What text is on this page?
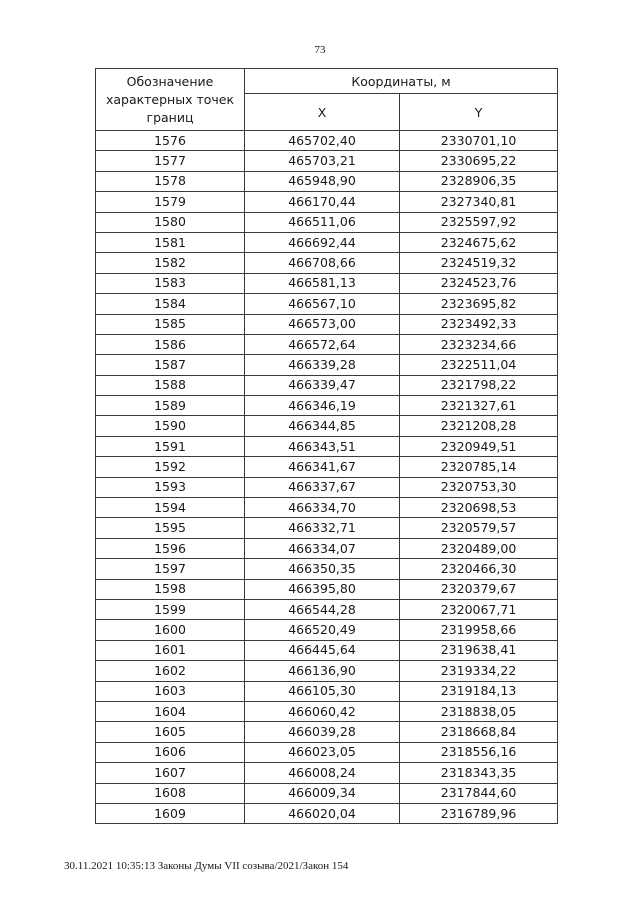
73
Обозначение характерных точек границ	Координаты, м	
	X	Y
1576	465702,40	2330701,10
1577	465703,21	2330695,22
1578	465948,90	2328906,35
1579	466170,44	2327340,81
1580	466511,06	2325597,92
1581	466692,44	2324675,62
1582	466708,66	2324519,32
1583	466581,13	2324523,76
1584	466567,10	2323695,82
1585	466573,00	2323492,33
1586	466572,64	2323234,66
1587	466339,28	2322511,04
1588	466339,47	2321798,22
1589	466346,19	2321327,61
1590	466344,85	2321208,28
1591	466343,51	2320949,51
1592	466341,67	2320785,14
1593	466337,67	2320753,30
1594	466334,70	2320698,53
1595	466332,71	2320579,57
1596	466334,07	2320489,00
1597	466350,35	2320466,30
1598	466395,80	2320379,67
1599	466544,28	2320067,71
1600	466520,49	2319958,66
1601	466445,64	2319638,41
1602	466136,90	2319334,22
1603	466105,30	2319184,13
1604	466060,42	2318838,05
1605	466039,28	2318668,84
1606	466023,05	2318556,16
1607	466008,24	2318343,35
1608	466009,34	2317844,60
1609	466020,04	2316789,96
30.11.2021 10:35:13 Законы Думы VII созыва/2021/Закон 154
